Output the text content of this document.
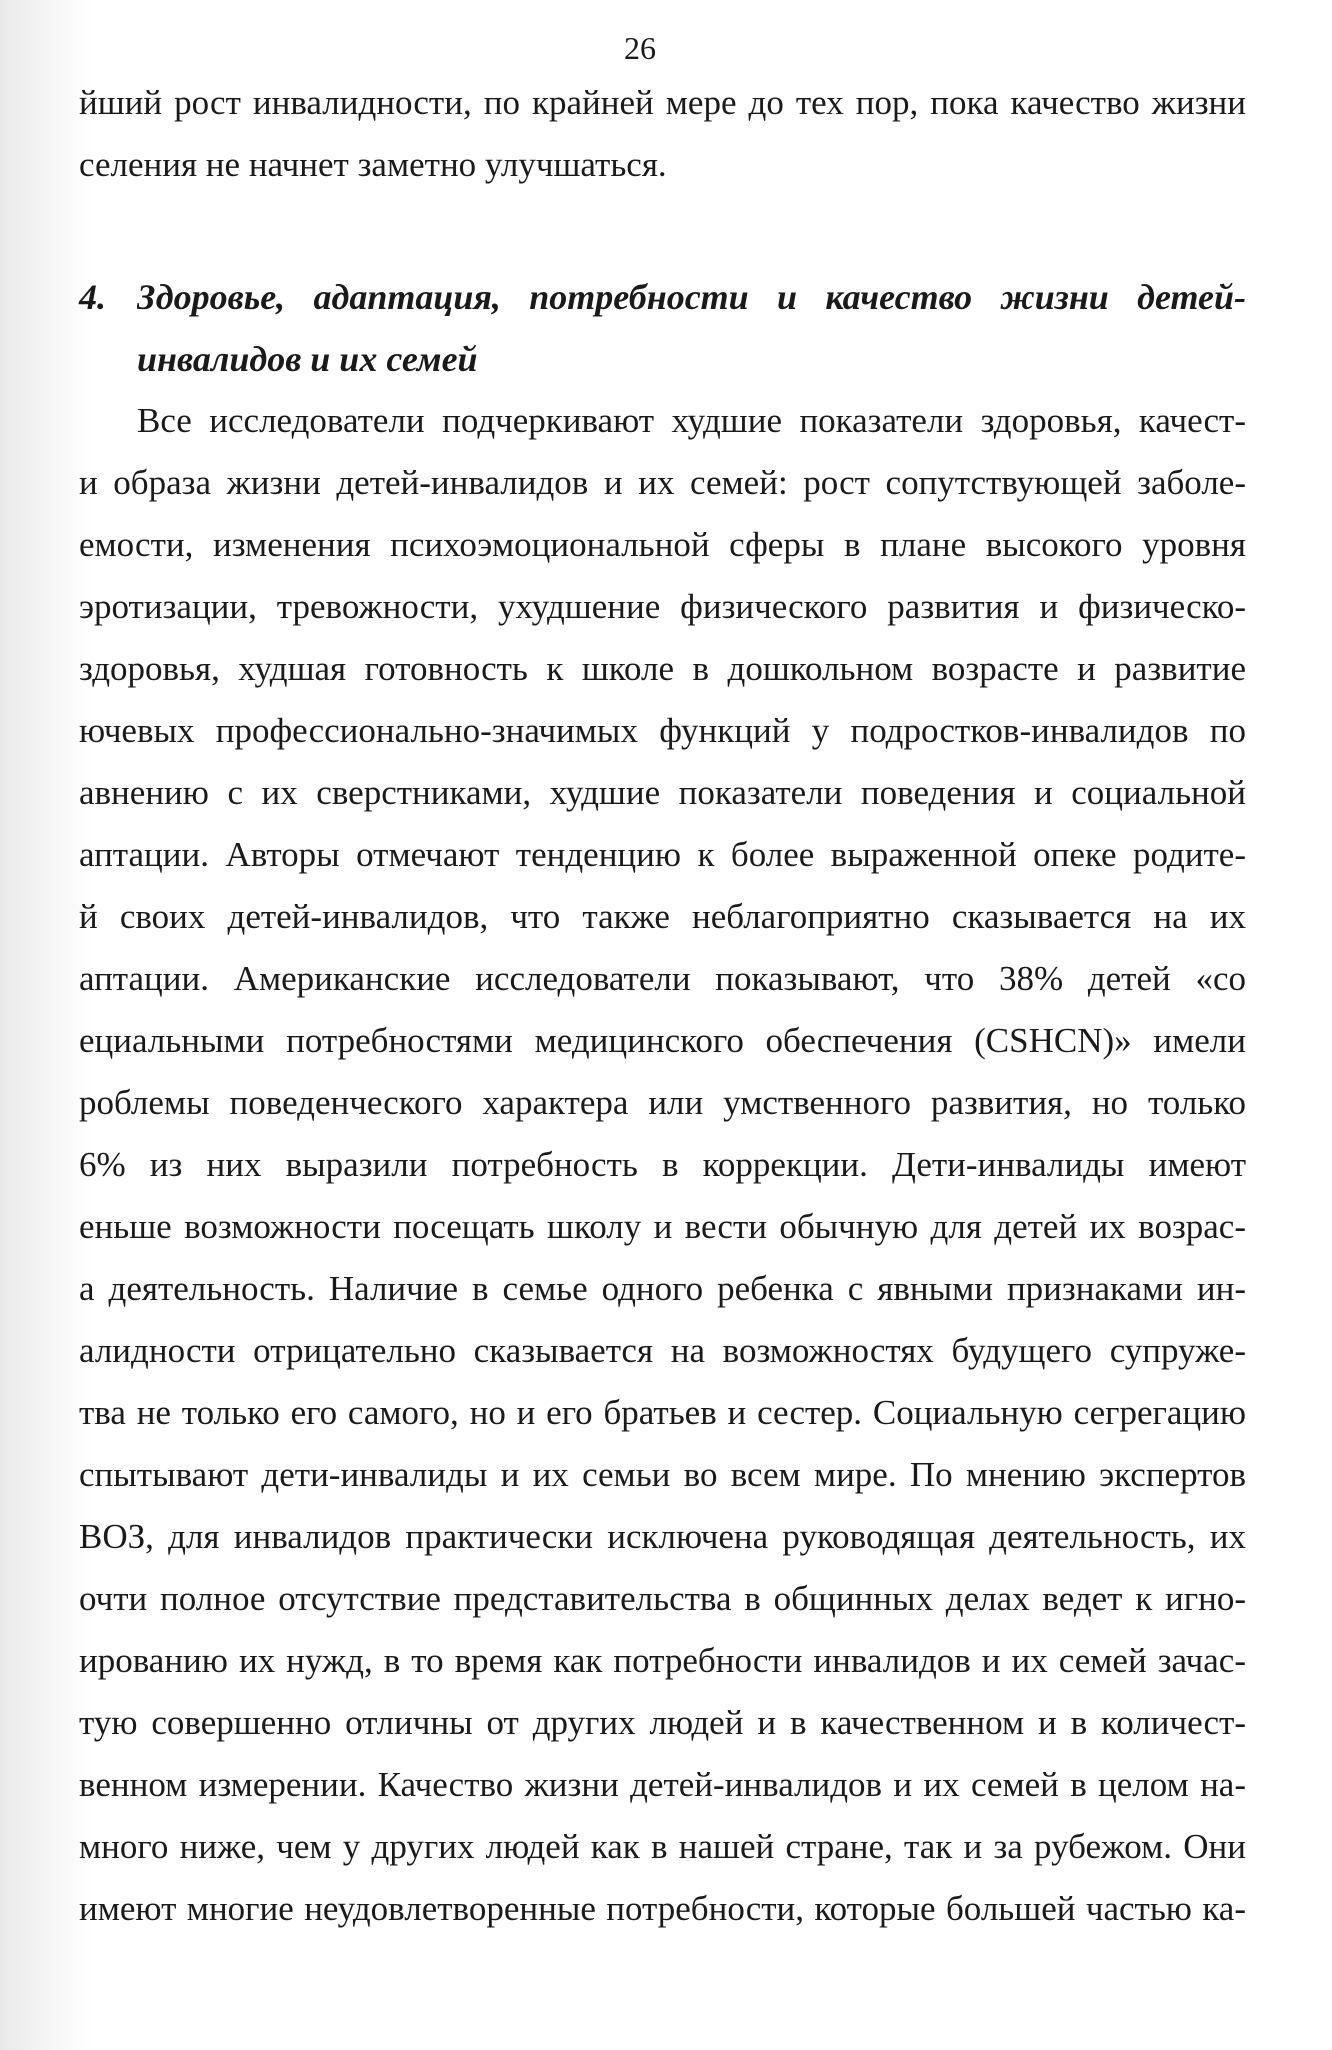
26

йший рост инвалидности, по крайней мере до тех пор, пока качество жизни

селения не начнет заметно улучшаться.

4. Здоровье, адаптация, потребности и качество жизни детей-

инвалидов и их семей

Все исследователи подчеркивают худшие показатели здоровья, качест-

и образа жизни детей-инвалидов и их семей: рост сопутствующей заболе-

емости, изменения психоэмоциональной сферы в плане высокого уровня

эротизации, тревожности, ухудшение физического развития и физическо-

здоровья, худшая готовность к школе в дошкольном возрасте и развитие

ючевых профессионально-значимых функций у подростков-инвалидов по

авнению с их сверстниками, худшие показатели поведения и социальной

аптации. Авторы отмечают тенденцию к более выраженной опеке родите-

й своих детей-инвалидов, что также неблагоприятно сказывается на их

аптации. Американские исследователи показывают, что 38% детей «со

ециальными потребностями медицинского обеспечения (CSHCN)» имели

роблемы поведенческого характера или умственного развития, но только

6% из них выразили потребность в коррекции. Дети-инвалиды имеют

еньше возможности посещать школу и вести обычную для детей их возрас-

а деятельность. Наличие в семье одного ребенка с явными признаками ин-

алидности отрицательно сказывается на возможностях будущего супруже-

тва не только его самого, но и его братьев и сестер. Социальную сегрегацию

спытывают дети-инвалиды и их семьи во всем мире. По мнению экспертов

ВОЗ, для инвалидов практически исключена руководящая деятельность, их

очти полное отсутствие представительства в общинных делах ведет к игно-

ированию их нужд, в то время как потребности инвалидов и их семей зачас-

тую совершенно отличны от других людей и в качественном и в количест-

венном измерении. Качество жизни детей-инвалидов и их семей в целом на-

много ниже, чем у других людей как в нашей стране, так и за рубежом. Они

имеют многие неудовлетворенные потребности, которые большей частью ка-
